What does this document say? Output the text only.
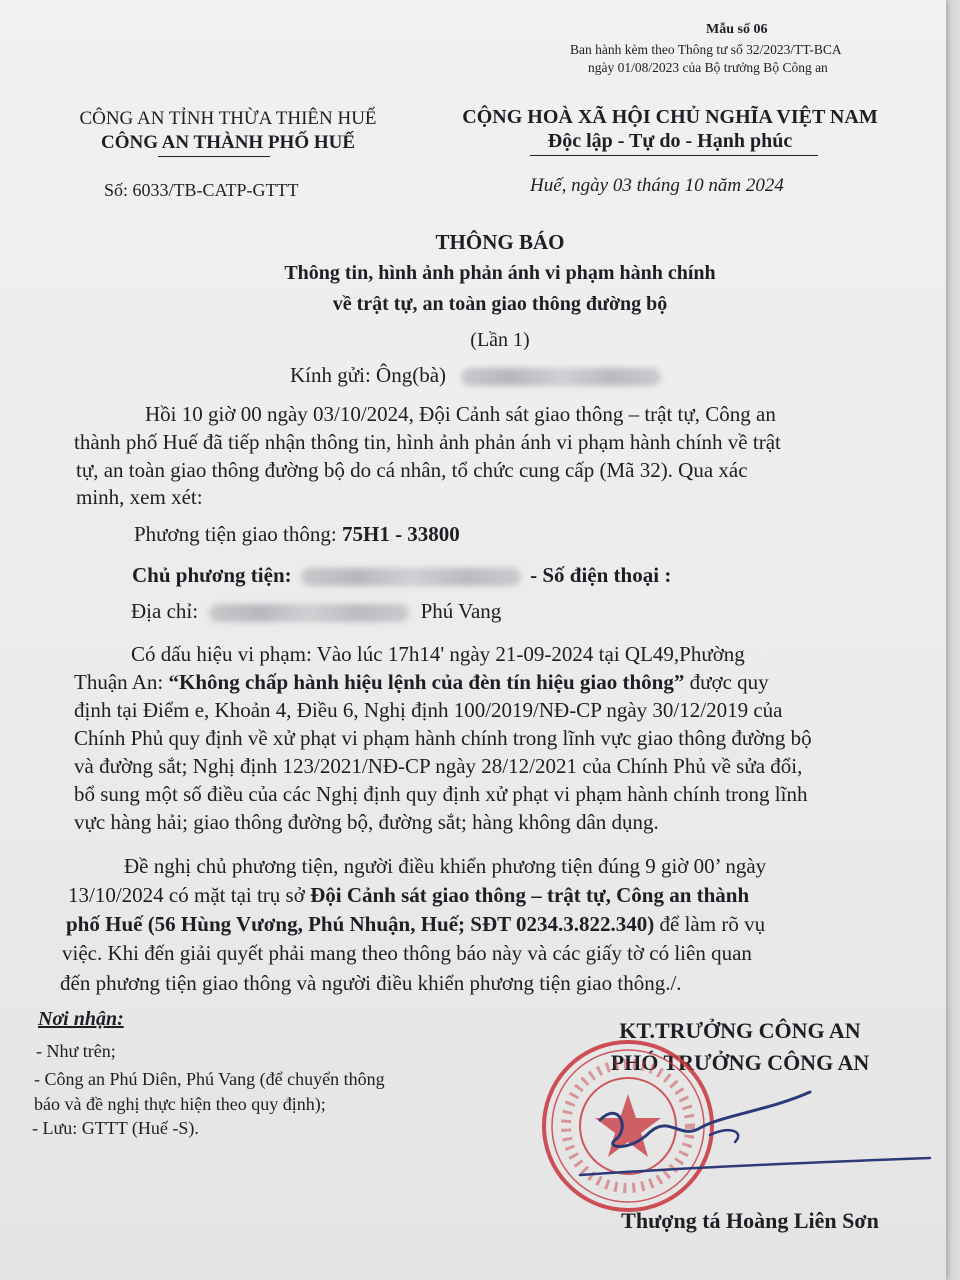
Mẫu số 06
Ban hành kèm theo Thông tư số 32/2023/TT-BCA
ngày 01/08/2023 của Bộ trưởng Bộ Công an
CÔNG AN TỈNH THỪA THIÊN HUẾ
CÔNG AN THÀNH PHỐ HUẾ
Số: 6033/TB-CATP-GTTT
CỘNG HOÀ XÃ HỘI CHỦ NGHĨA VIỆT NAM
Độc lập - Tự do - Hạnh phúc
Huế, ngày 03 tháng 10 năm 2024
THÔNG BÁO
Thông tin, hình ảnh phản ánh vi phạm hành chính
về trật tự, an toàn giao thông đường bộ
(Lần 1)
Kính gửi: Ông(bà)
Hồi 10 giờ 00 ngày 03/10/2024, Đội Cảnh sát giao thông – trật tự, Công an
thành phố Huế đã tiếp nhận thông tin, hình ảnh phản ánh vi phạm hành chính về trật
tự, an toàn giao thông đường bộ do cá nhân, tổ chức cung cấp (Mã 32). Qua xác
minh, xem xét:
Phương tiện giao thông: 75H1 - 33800
Chủ phương tiện:	- Số điện thoại :
Địa chỉ:	Phú Vang
Có dấu hiệu vi phạm: Vào lúc 17h14' ngày 21-09-2024 tại QL49,Phường
Thuận An: “Không chấp hành hiệu lệnh của đèn tín hiệu giao thông” được quy
định tại Điểm e, Khoản 4, Điều 6, Nghị định 100/2019/NĐ-CP ngày 30/12/2019 của
Chính Phủ quy định về xử phạt vi phạm hành chính trong lĩnh vực giao thông đường bộ
và đường sắt; Nghị định 123/2021/NĐ-CP ngày 28/12/2021 của Chính Phủ về sửa đổi,
bổ sung một số điều của các Nghị định quy định xử phạt vi phạm hành chính trong lĩnh
vực hàng hải; giao thông đường bộ, đường sắt; hàng không dân dụng.
Đề nghị chủ phương tiện, người điều khiển phương tiện đúng 9 giờ 00’ ngày
13/10/2024 có mặt tại trụ sở Đội Cảnh sát giao thông – trật tự, Công an thành
phố Huế (56 Hùng Vương, Phú Nhuận, Huế; SĐT 0234.3.822.340) để làm rõ vụ
việc. Khi đến giải quyết phải mang theo thông báo này và các giấy tờ có liên quan
đến phương tiện giao thông và người điều khiển phương tiện giao thông./.
Nơi nhận:
- Như trên;
- Công an Phú Diên, Phú Vang (để chuyển thông
báo và đề nghị thực hiện theo quy định);
- Lưu: GTTT (Huế -S).
KT.TRƯỞNG CÔNG AN
PHÓ TRƯỞNG CÔNG AN
Thượng tá Hoàng Liên Sơn
